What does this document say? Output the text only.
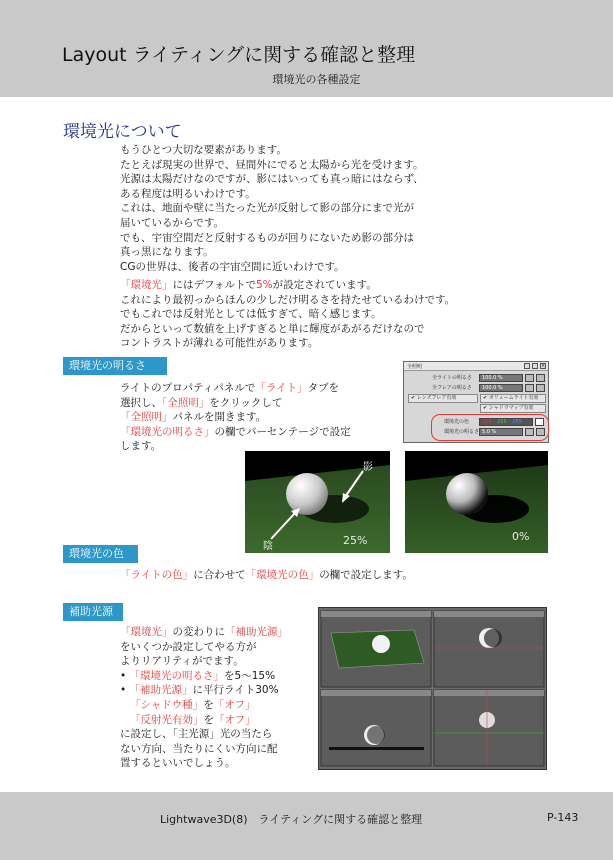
Layout ライティングに関する確認と整理
環境光の各種設定
環境光について
もうひとつ大切な要素があります。
たとえば現実の世界で、昼間外にでると太陽から光を受けます。
光源は太陽だけなのですが、影にはいっても真っ暗にはならず、
ある程度は明るいわけです。
これは、地面や壁に当たった光が反射して影の部分にまで光が
届いているからです。
でも、宇宙空間だと反射するものが回りにないため影の部分は
真っ黒になります。
CGの世界は、後者の宇宙空間に近いわけです。
「環境光」にはデフォルトで5%が設定されています。
これにより最初っからほんの少しだけ明るさを持たせているわけです。
でもこれでは反射光としては低すぎて、暗く感じます。
だからといって数値を上げすぎると単に輝度があがるだけなので
コントラストが薄れる可能性があります。
環境光の明るさ
ライトのプロパティパネルで「ライト」タブを
選択し、「全照明」をクリックして
「全照明」パネルを開きます。
「環境光の明るさ」の欄でパーセンテージで設定
します。
全照明	×
全ライトの明るさ	100.0 %
全フレアの明るさ	100.0 %
✔ レンズフレア有効	✔ ボリュームライト有効
✔ シャドウマップ有効
環境光の色	255 255 255
環境光の明るさ 5.0 %
影
陰	25%	0%
環境光の色
「ライトの色」に合わせて「環境光の色」の欄で設定します。
補助光源
「環境光」の変わりに「補助光源」
をいくつか設定してやる方が
よりリアリティがでます。
• 「環境光の明るさ」を5～15%
• 「補助光源」に平行ライト30%
「シャドウ種」を「オフ」
「反射光有効」を「オフ」
に設定し、「主光源」光の当たら
ない方向、当たりにくい方向に配
置するといいでしょう。
Lightwave3D(8)　ライティングに関する確認と整理	P-143
